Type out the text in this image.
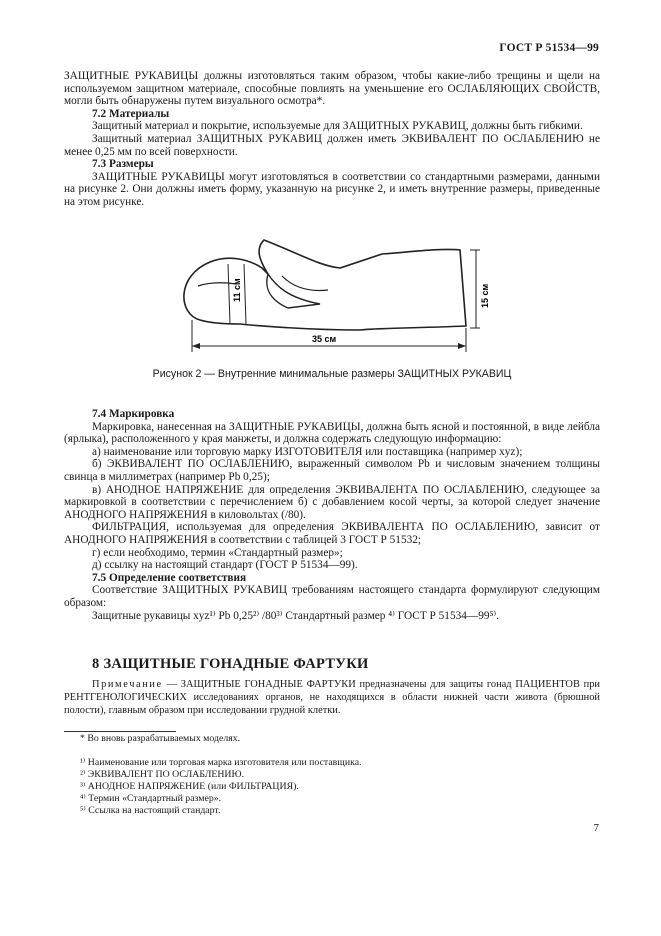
ГОСТ Р 51534—99

ЗАЩИТНЫЕ РУКАВИЦЫ должны изготовляться таким образом, чтобы какие-либо трещины и щели на используемом защитном материале, способные повлиять на уменьшение его ОСЛАБЛЯЮЩИХ СВОЙСТВ, могли быть обнаружены путем визуального осмотра*.

7.2 Материалы

Защитный материал и покрытие, используемые для ЗАЩИТНЫХ РУКАВИЦ, должны быть гибкими.

Защитный материал ЗАЩИТНЫХ РУКАВИЦ должен иметь ЭКВИВАЛЕНТ ПО ОСЛАБЛЕНИЮ не менее 0,25 мм по всей поверхности.

7.3 Размеры

ЗАЩИТНЫЕ РУКАВИЦЫ могут изготовляться в соответствии со стандартными размерами, данными на рисунке 2. Они должны иметь форму, указанную на рисунке 2, и иметь внутренние размеры, приведенные на этом рисунке.

11 см	15 см
35 см
Рисунок 2 — Внутренние минимальные размеры ЗАЩИТНЫХ РУКАВИЦ

7.4 Маркировка

Маркировка, нанесенная на ЗАЩИТНЫЕ РУКАВИЦЫ, должна быть ясной и постоянной, в виде лейбла (ярлыка), расположенного у края манжеты, и должна содержать следующую информацию:

а) наименование или торговую марку ИЗГОТОВИТЕЛЯ или поставщика (например xyz);

б) ЭКВИВАЛЕНТ ПО ОСЛАБЛЕНИЮ, выраженный символом Pb и числовым значением толщины свинца в миллиметрах (например Pb 0,25);

в) АНОДНОЕ НАПРЯЖЕНИЕ для определения ЭКВИВАЛЕНТА ПО ОСЛАБЛЕНИЮ, следующее за маркировкой в соответствии с перечислением б) с добавлением косой черты, за которой следует значение АНОДНОГО НАПРЯЖЕНИЯ в киловольтах (/80).

ФИЛЬТРАЦИЯ, используемая для определения ЭКВИВАЛЕНТА ПО ОСЛАБЛЕНИЮ, зависит от АНОДНОГО НАПРЯЖЕНИЯ в соответствии с таблицей 3 ГОСТ Р 51532;

г) если необходимо, термин «Стандартный размер»;

д) ссылку на настоящий стандарт (ГОСТ Р 51534—99).

7.5 Определение соответствия

Соответствие ЗАЩИТНЫХ РУКАВИЦ требованиям настоящего стандарта формулируют следующим образом:

Защитные рукавицы xyz¹⁾ Pb 0,25²⁾ /80³⁾ Стандартный размер ⁴⁾ ГОСТ Р 51534—99⁵⁾.

8 ЗАЩИТНЫЕ ГОНАДНЫЕ ФАРТУКИ
Примечание — ЗАЩИТНЫЕ ГОНАДНЫЕ ФАРТУКИ предназначены для защиты гонад ПАЦИЕНТОВ при РЕНТГЕНОЛОГИЧЕСКИХ исследованиях органов, не находящихся в области нижней части живота (брюшной полости), главным образом при исследовании грудной клетки.
* Во вновь разрабатываемых моделях.
¹⁾ Наименование или торговая марка изготовителя или поставщика.
²⁾ ЭКВИВАЛЕНТ ПО ОСЛАБЛЕНИЮ.
³⁾ АНОДНОЕ НАПРЯЖЕНИЕ (или ФИЛЬТРАЦИЯ).
⁴⁾ Термин «Стандартный размер».
⁵⁾ Ссылка на настоящий стандарт.
7
